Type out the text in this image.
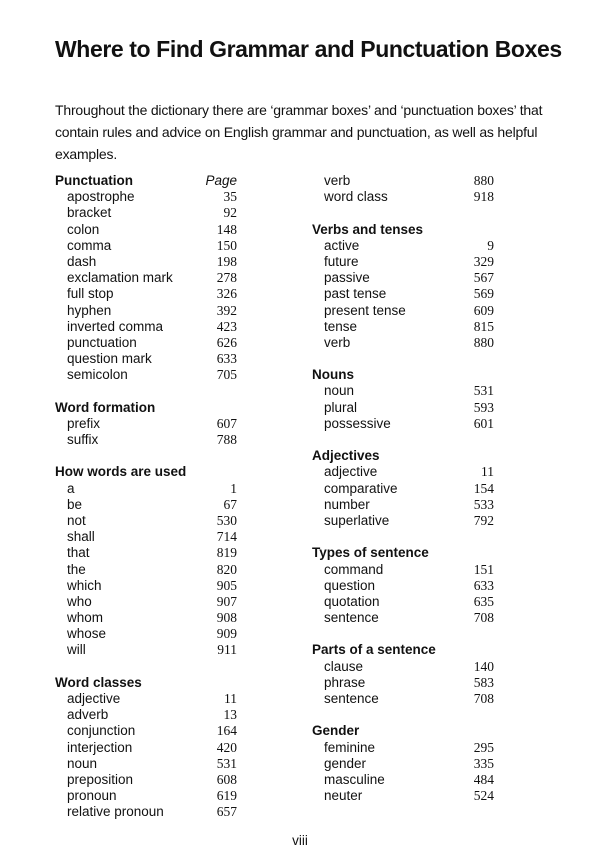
Where to Find Grammar and Punctuation Boxes

Throughout the dictionary there are ‘grammar boxes’ and ‘punctuation boxes’ that contain rules and advice on English grammar and punctuation, as well as helpful examples.

Punctuation	Page
apostrophe	35
bracket	92
colon	148
comma	150
dash	198
exclamation mark	278
full stop	326
hyphen	392
inverted comma	423
punctuation	626
question mark	633
semicolon	705
Word formation
prefix	607
suffix	788
How words are used
a	1
be	67
not	530
shall	714
that	819
the	820
which	905
who	907
whom	908
whose	909
will	911
Word classes
adjective	11
adverb	13
conjunction	164
interjection	420
noun	531
preposition	608
pronoun	619
relative pronoun	657
verb	880
word class	918
Verbs and tenses
active	9
future	329
passive	567
past tense	569
present tense	609
tense	815
verb	880
Nouns
noun	531
plural	593
possessive	601
Adjectives
adjective	11
comparative	154
number	533
superlative	792
Types of sentence
command	151
question	633
quotation	635
sentence	708
Parts of a sentence
clause	140
phrase	583
sentence	708
Gender
feminine	295
gender	335
masculine	484
neuter	524
viii
